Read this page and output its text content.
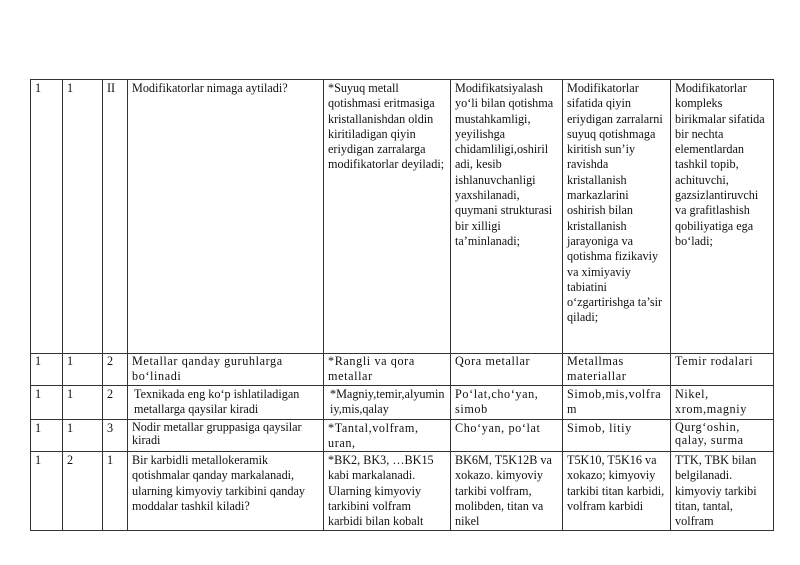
1	1	II	Modifikatorlar nimaga aytiladi?	*Suyuq metall qotishmasi eritmasiga kristallanishdan oldin kiritiladigan qiyin eriydigan zarralarga modifikatorlar deyiladi;	Modifikatsiyalash yo‘li bilan qotishma mustahkamligi, yeyilishga chidamliligi,oshiril adi, kesib ishlanuvchanligi yaxshilanadi, quymani strukturasi bir xilligi ta’minlanadi;	Modifikatorlar sifatida qiyin eriydigan zarralarni suyuq qotishmaga kiritish sun’iy ravishda kristallanish markazlarini oshirish bilan kristallanish jarayoniga va qotishma fizikaviy va ximiyaviy tabiatini o‘zgartirishga ta’sir qiladi;	Modifikatorlar kompleks birikmalar sifatida bir nechta elementlardan tashkil topib, achituvchi, gazsizlantiruvchi va grafitlashish qobiliyatiga ega bo‘ladi;
1	1	2	Metallar qanday guruhlarga bo‘linadi	*Rangli va qora metallar	Qora metallar	Metallmas materiallar	Temir rodalari
1	1	2	Texnikada eng ko‘p ishlatiladigan metallarga qaysilar kiradi	*Magniy,temir,alyuminiy,mis,qalay	Po‘lat,cho‘yan, simob	Simob,mis,volfram	Nikel, xrom,magniy
1	1	3	Nodir metallar gruppasiga qaysilar kiradi	*Tantal,volfram, uran,	Cho‘yan, po‘lat	Simob, litiy	Qurg‘oshin, qalay, surma
1	2	1	Bir karbidli metallokeramik qotishmalar qanday markalanadi, ularning kimyoviy tarkibini qanday moddalar tashkil kiladi?	*BK2, BK3, …BK15 kabi markalanadi. Ularning kimyoviy tarkibini volfram karbidi bilan kobalt	BK6M, T5K12B va xokazo. kimyoviy tarkibi volfram, molibden, titan va nikel	T5K10, T5K16 va xokazo; kimyoviy tarkibi titan karbidi, volfram karbidi	TTK, TBK bilan belgilanadi. kimyoviy tarkibi titan, tantal, volfram
